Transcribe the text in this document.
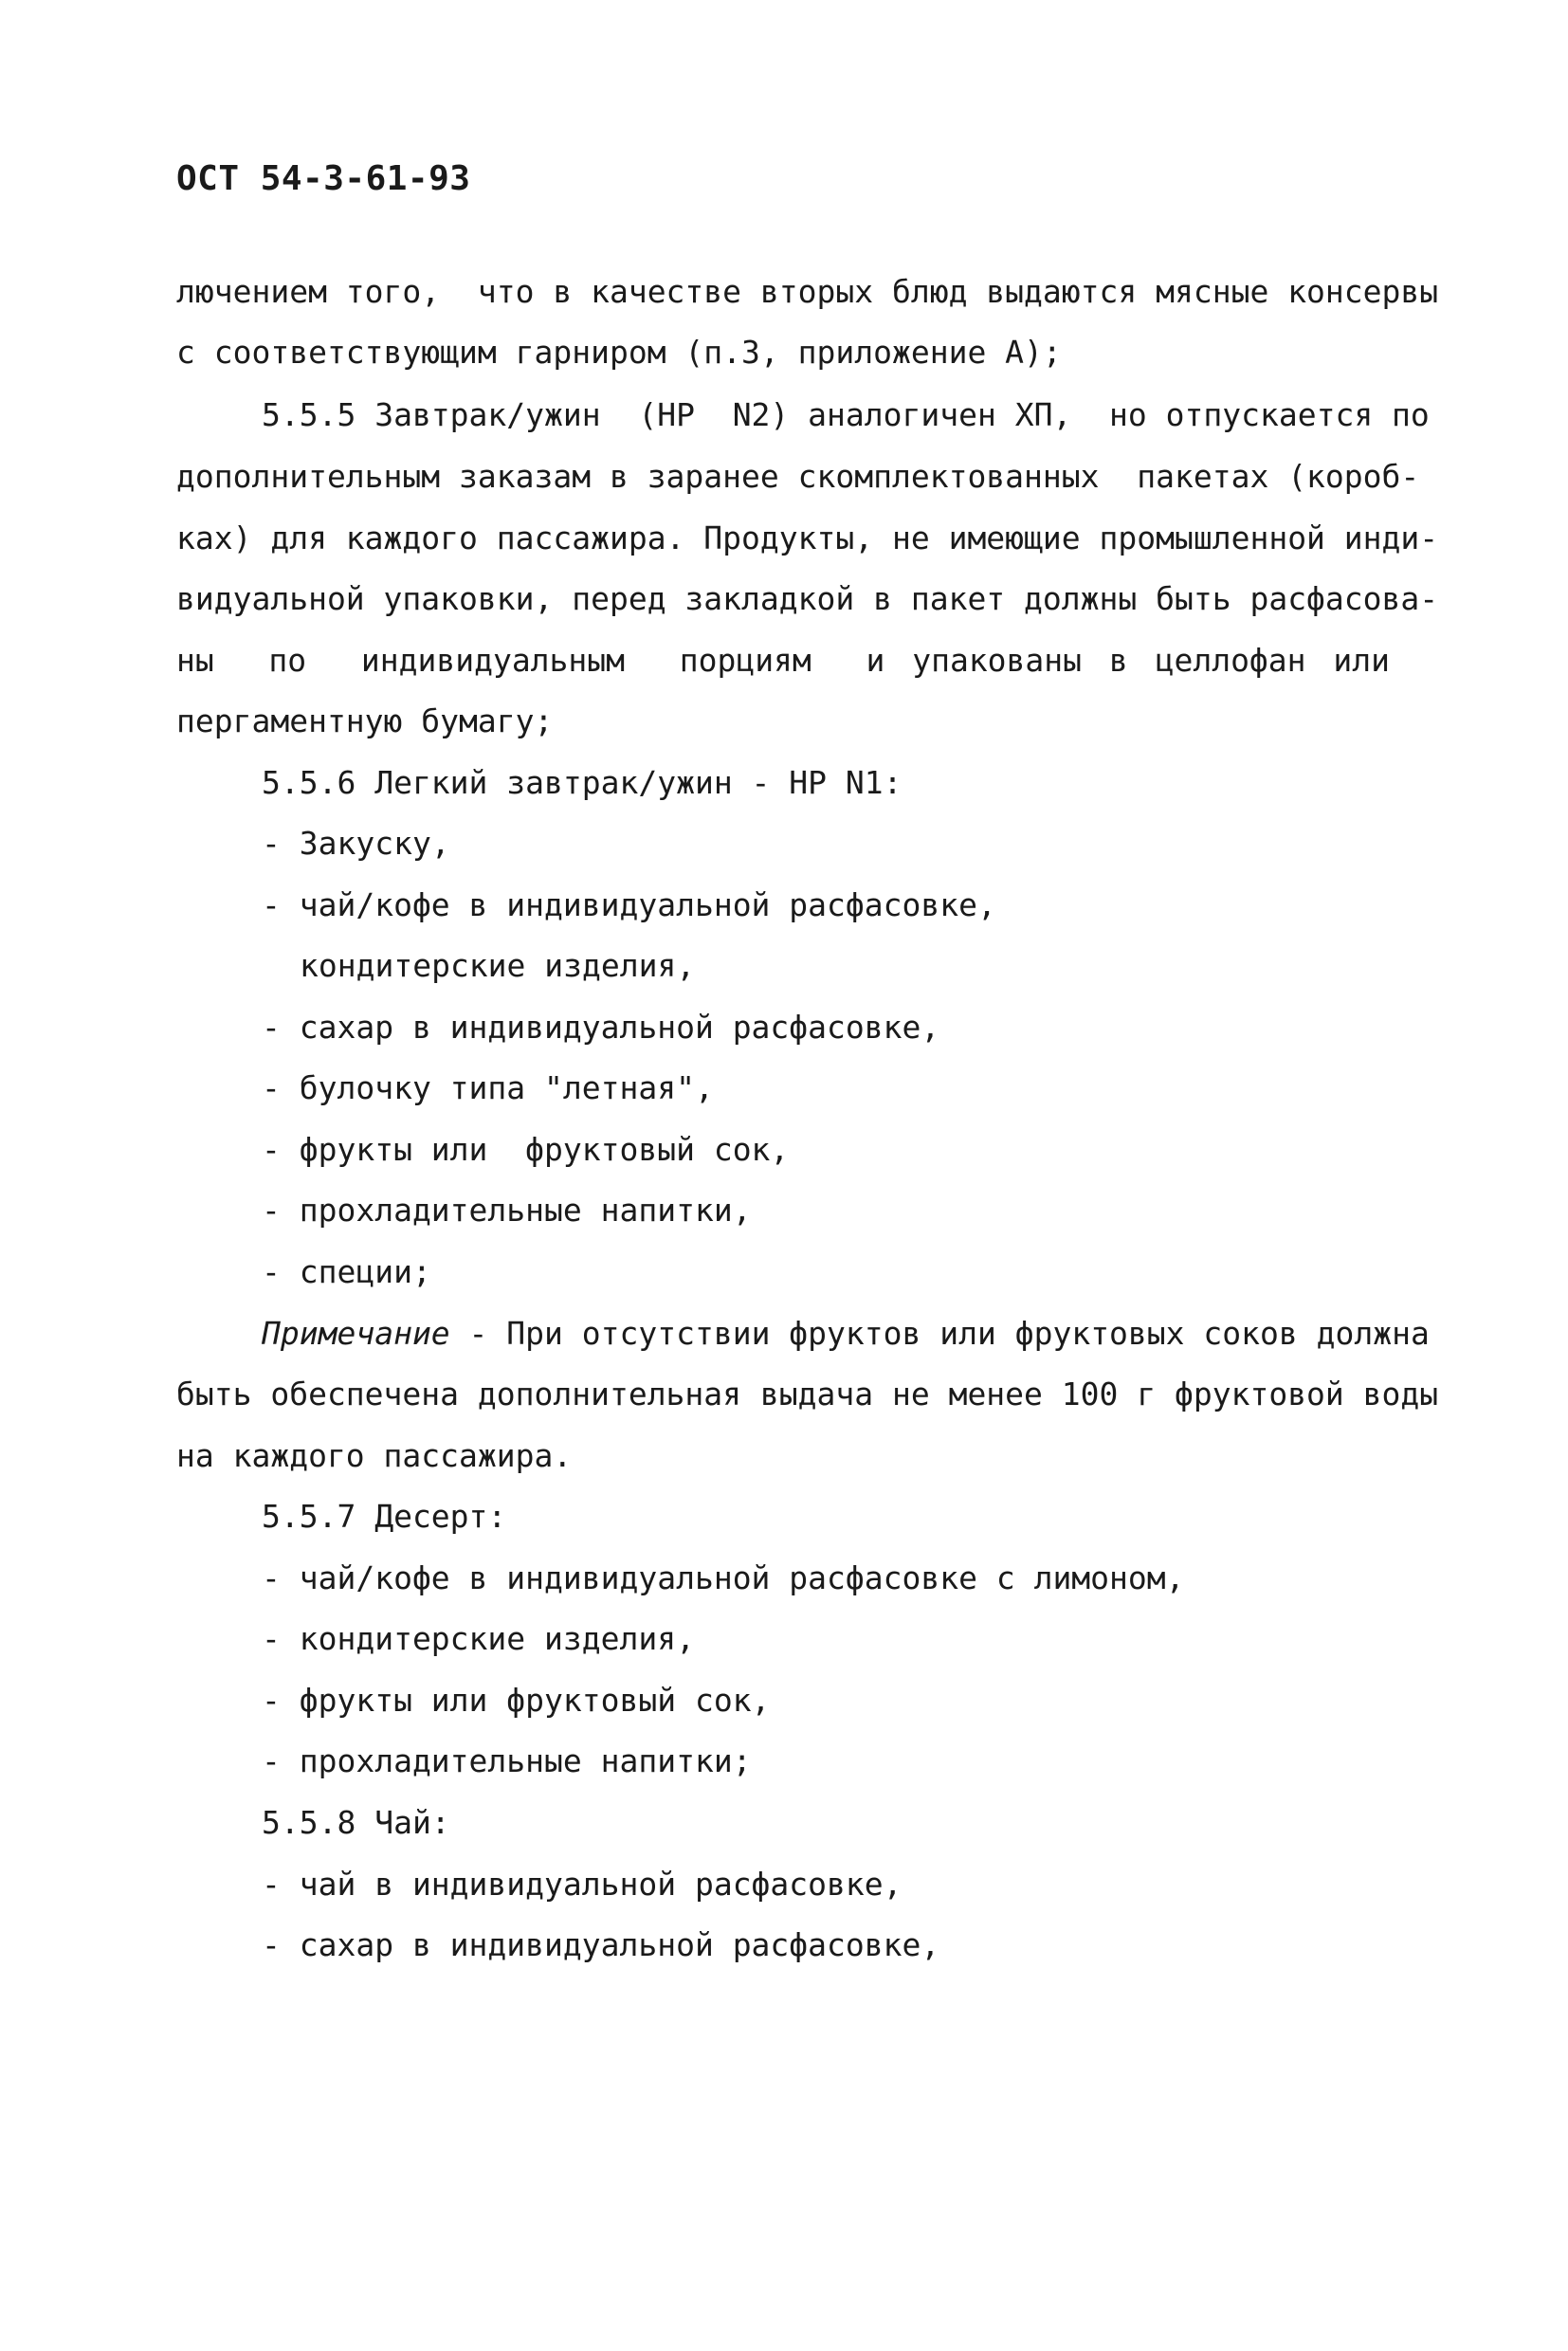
ОСТ 54-3-61-93
лючением того,  что в качестве вторых блюд выдаются мясные консервы
с соответствующим гарниром (п.3, приложение А);
5.5.5 Завтрак/ужин  (НР  N2) аналогичен ХП,  но отпускается по
дополнительным заказам в заранее скомплектованных  пакетах (короб-
ках) для каждого пассажира. Продукты, не имеющие промышленной инди-
видуальной упаковки, перед закладкой в пакет должны быть расфасова-
ны  по  индивидуальным  порциям  и упакованы в целлофан или
пергаментную бумагу;
5.5.6 Легкий завтрак/ужин - НР N1:
- Закуску,
- чай/кофе в индивидуальной расфасовке,
кондитерские изделия,
- сахар в индивидуальной расфасовке,
- булочку типа "летная",
- фрукты или  фруктовый сок,
- прохладительные напитки,
- специи;
Примечание - При отсутствии фруктов или фруктовых соков должна
быть обеспечена дополнительная выдача не менее 100 г фруктовой воды
на каждого пассажира.
5.5.7 Десерт:
- чай/кофе в индивидуальной расфасовке с лимоном,
- кондитерские изделия,
- фрукты или фруктовый сок,
- прохладительные напитки;
5.5.8 Чай:
- чай в индивидуальной расфасовке,
- сахар в индивидуальной расфасовке,
